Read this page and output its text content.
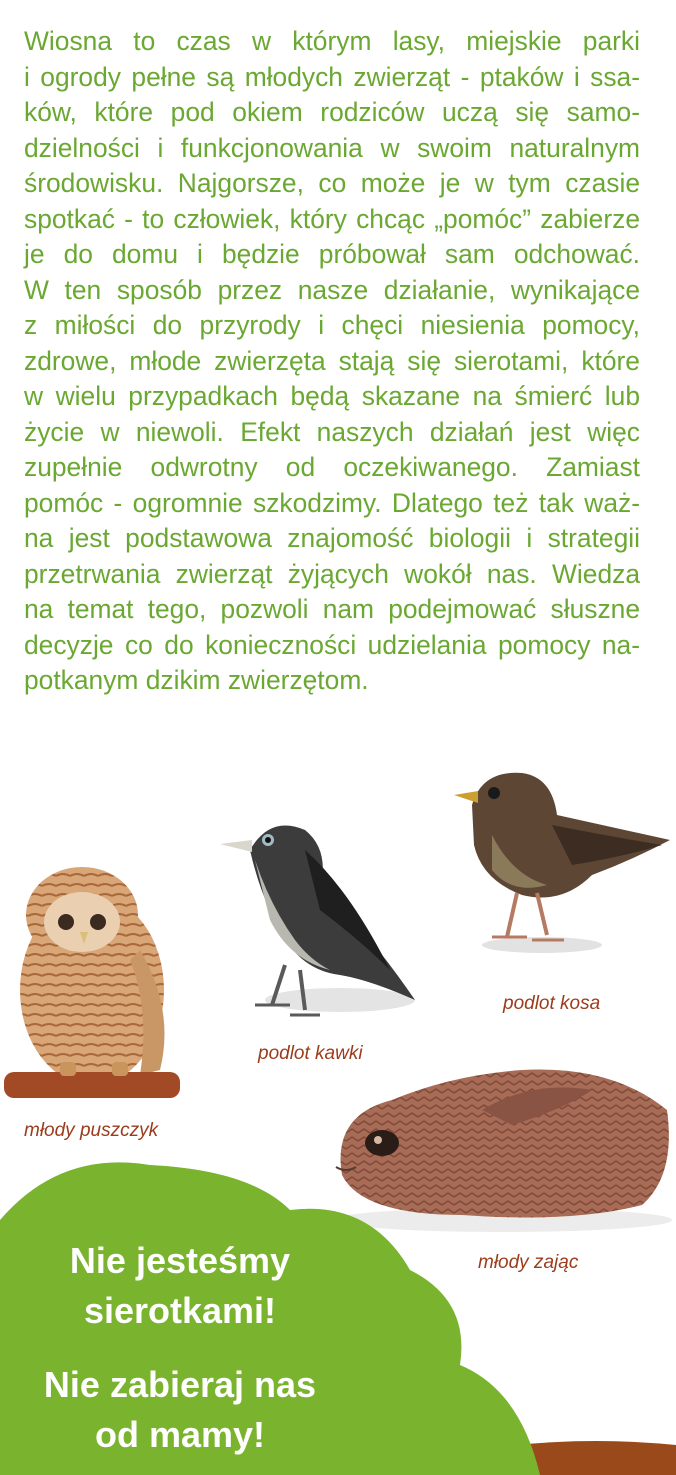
Wiosna to czas w którym lasy, miejskie parki
i ogrody pełne są młodych zwierząt - ptaków i ssa-
ków, które pod okiem rodziców uczą się samo-
dzielności i funkcjonowania w swoim naturalnym
środowisku. Najgorsze, co może je w tym czasie
spotkać - to człowiek, który chcąc „pomóc” zabierze
je do domu i będzie próbował sam odchować.
W ten sposób przez nasze działanie, wynikające
z miłości do przyrody i chęci niesienia pomocy,
zdrowe, młode zwierzęta stają się sierotami, które
w wielu przypadkach będą skazane na śmierć lub
życie w niewoli. Efekt naszych działań jest więc
zupełnie odwrotny od oczekiwanego. Zamiast
pomóc - ogromnie szkodzimy. Dlatego też tak waż-
na jest podstawowa znajomość biologii i strategii
przetrwania zwierząt żyjących wokół nas. Wiedza
na temat tego, pozwoli nam podejmować słuszne
decyzje co do konieczności udzielania pomocy na-
potkanym dzikim zwierzętom.
młody puszczyk
podlot kawki
podlot kosa
młody zając
Nie jesteśmy
sierotkami!
Nie zabieraj nas
od mamy!
